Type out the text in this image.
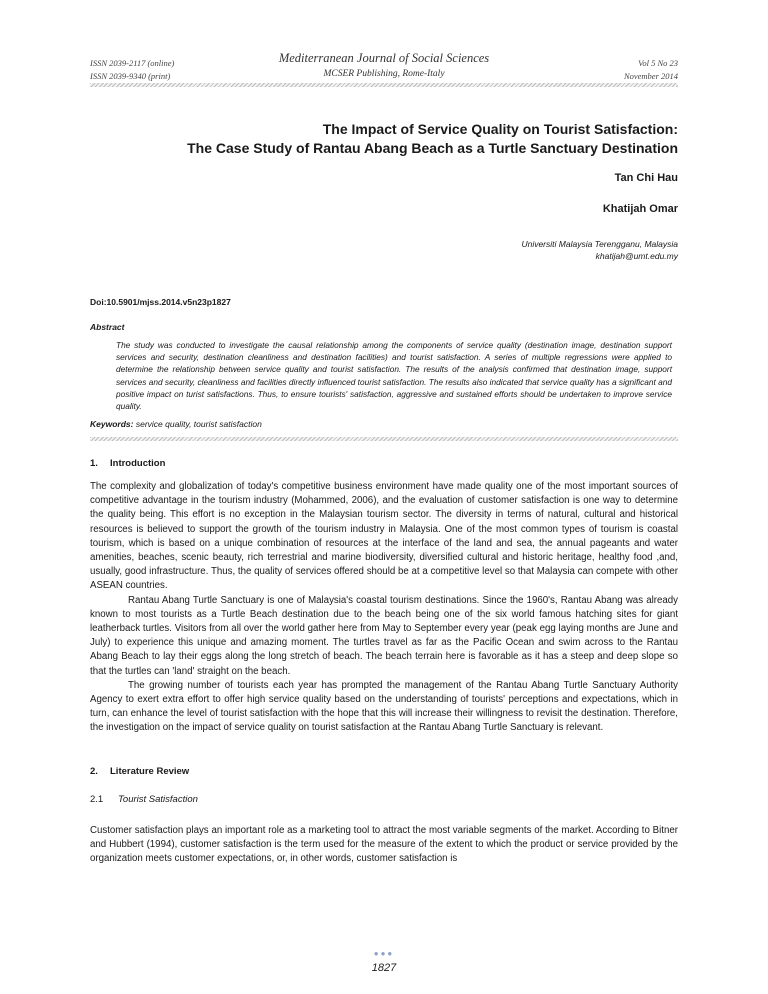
ISSN 2039-2117 (online)
ISSN 2039-9340 (print)
Mediterranean Journal of Social Sciences
MCSER Publishing, Rome-Italy
Vol 5 No 23
November 2014
The Impact of Service Quality on Tourist Satisfaction:
The Case Study of Rantau Abang Beach as a Turtle Sanctuary Destination
Tan Chi Hau
Khatijah Omar
Universiti Malaysia Terengganu, Malaysia
khatijah@umt.edu.my
Doi:10.5901/mjss.2014.v5n23p1827
Abstract
The study was conducted to investigate the causal relationship among the components of service quality (destination image, destination support services and security, destination cleanliness and destination facilities) and tourist satisfaction. A series of multiple regressions were applied to determine the relationship between service quality and tourist satisfaction. The results of the analysis confirmed that destination image, support services and security, cleanliness and facilities directly influenced tourist satisfaction. The results also indicated that service quality has a significant and positive impact on turist satisfactions. Thus, to ensure tourists' satisfaction, aggressive and sustained efforts should be undertaken to improve service quality.
Keywords: service quality, tourist satisfaction
1. Introduction

The complexity and globalization of today's competitive business environment have made quality one of the most important sources of competitive advantage in the tourism industry (Mohammed, 2006), and the evaluation of customer satisfaction is one way to determine the quality being. This effort is no exception in the Malaysian tourism sector. The diversity in terms of natural, cultural and historical resources is believed to support the growth of the tourism industry in Malaysia. One of the most common types of tourism is coastal tourism, which is based on a unique combination of resources at the interface of the land and sea, the annual pageants and water amenities, beaches, scenic beauty, rich terrestrial and marine biodiversity, diversified cultural and historic heritage, healthy food ,and, usually, good infrastructure. Thus, the quality of services offered should be at a competitive level so that Malaysia can compete with other ASEAN countries.

Rantau Abang Turtle Sanctuary is one of Malaysia's coastal tourism destinations. Since the 1960's, Rantau Abang was already known to most tourists as a Turtle Beach destination due to the beach being one of the six world famous hatching sites for giant leatherback turtles. Visitors from all over the world gather here from May to September every year (peak egg laying months are June and July) to experience this unique and amazing moment. The turtles travel as far as the Pacific Ocean and swim across to the Rantau Abang Beach to lay their eggs along the long stretch of beach. The beach terrain here is favorable as it has a steep and deep slope so that the turtles can 'land' straight on the beach.

The growing number of tourists each year has prompted the management of the Rantau Abang Turtle Sanctuary Authority Agency to exert extra effort to offer high service quality based on the understanding of tourists' perceptions and expectations, which in turn, can enhance the level of tourist satisfaction with the hope that this will increase their willingness to revisit the destination. Therefore, the investigation on the impact of service quality on tourist satisfaction at the Rantau Abang Turtle Sanctuary is relevant.

2. Literature Review
2.1 Tourist Satisfaction

Customer satisfaction plays an important role as a marketing tool to attract the most variable segments of the market. According to Bitner and Hubbert (1994), customer satisfaction is the term used for the measure of the extent to which the product or service provided by the organization meets customer expectations, or, in other words, customer satisfaction is

●●●
1827
